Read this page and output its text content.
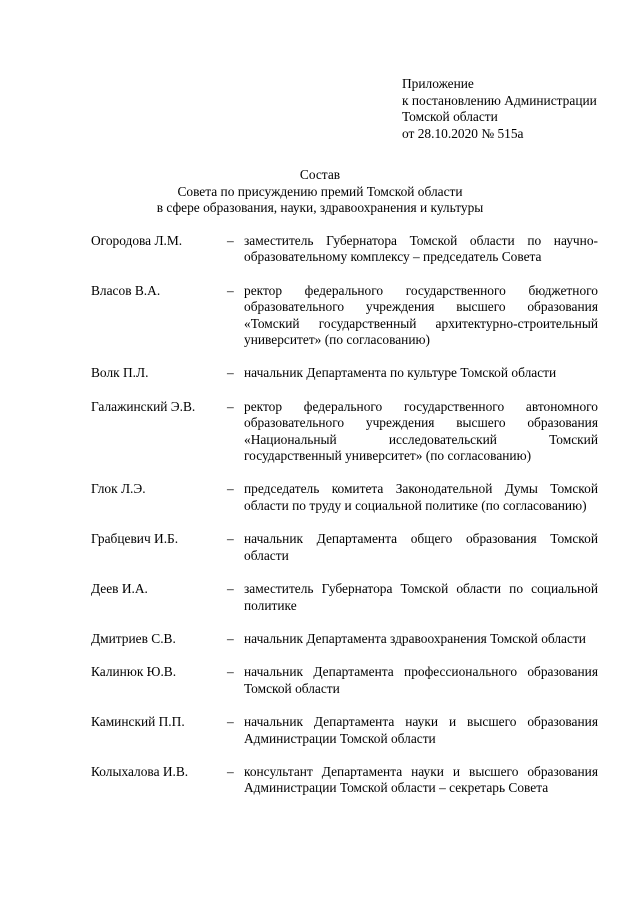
Приложение
к постановлению Администрации
Томской области
от 28.10.2020 № 515а
Состав
Совета по присуждению премий Томской области
в сфере образования, науки, здравоохранения и культуры
Огородова Л.М.	– заместитель Губернатора Томской области по научно-образовательному комплексу – председатель Совета
Власов В.А.	– ректор федерального государственного бюджетного образовательного учреждения высшего образования «Томский государственный архитектурно-строительный университет» (по согласованию)
Волк П.Л.	– начальник Департамента по культуре Томской области
Галажинский Э.В.	– ректор федерального государственного автономного образовательного учреждения высшего образования «Национальный исследовательский Томский государственный университет» (по согласованию)
Глок Л.Э.	– председатель комитета Законодательной Думы Томской области по труду и социальной политике (по согласованию)
Грабцевич И.Б.	– начальник Департамента общего образования Томской области
Деев И.А.	– заместитель Губернатора Томской области по социальной политике
Дмитриев С.В.	– начальник Департамента здравоохранения Томской области
Калинюк Ю.В.	– начальник Департамента профессионального образования Томской области
Каминский П.П.	– начальник Департамента науки и высшего образования Администрации Томской области
Колыхалова И.В.	– консультант Департамента науки и высшего образования Администрации Томской области – секретарь Совета
